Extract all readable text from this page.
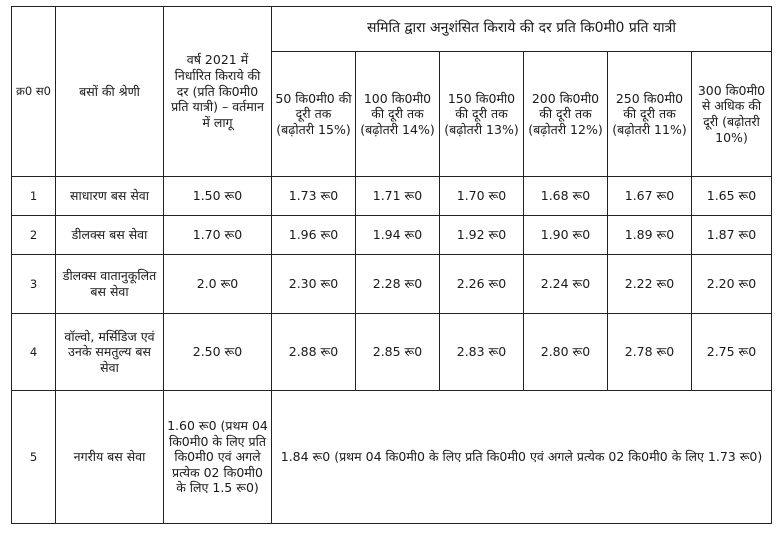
क्र0 स0	बसों की श्रेणी	वर्ष 2021 में निर्धारित किराये की दर (प्रति कि0मी0 प्रति यात्री) – वर्तमान में लागू	समिति द्वारा अनुशंसित किराये की दर प्रति कि0मी0 प्रति यात्री					
			50 कि0मी0 की दूरी तक (बढ़ोतरी 15%)	100 कि0मी0 की दूरी तक (बढ़ोतरी 14%)	150 कि0मी0 की दूरी तक (बढ़ोतरी 13%)	200 कि0मी0 की दूरी तक (बढ़ोतरी 12%)	250 कि0मी0 की दूरी तक (बढ़ोतरी 11%)	300 कि0मी0 से अधिक की दूरी (बढ़ोतरी 10%)
1	साधारण बस सेवा	1.50 रू0	1.73 रू0	1.71 रू0	1.70 रू0	1.68 रू0	1.67 रू0	1.65 रू0
2	डीलक्स बस सेवा	1.70 रू0	1.96 रू0	1.94 रू0	1.92 रू0	1.90 रू0	1.89 रू0	1.87 रू0
3	डीलक्स वातानुकूलित बस सेवा	2.0 रू0	2.30 रू0	2.28 रू0	2.26 रू0	2.24 रू0	2.22 रू0	2.20 रू0
4	वॉल्वो, मर्सिडिज एवं उनके समतुल्य बस सेवा	2.50 रू0	2.88 रू0	2.85 रू0	2.83 रू0	2.80 रू0	2.78 रू0	2.75 रू0
5	नगरीय बस सेवा	1.60 रू0 (प्रथम 04 कि0मी0 के लिए प्रति कि0मी0 एवं अगले प्रत्येक 02 कि0मी0 के लिए 1.5 रू0)	1.84 रू0 (प्रथम 04 कि0मी0 के लिए प्रति कि0मी0 एवं अगले प्रत्येक 02 कि0मी0 के लिए 1.73 रू0)					
